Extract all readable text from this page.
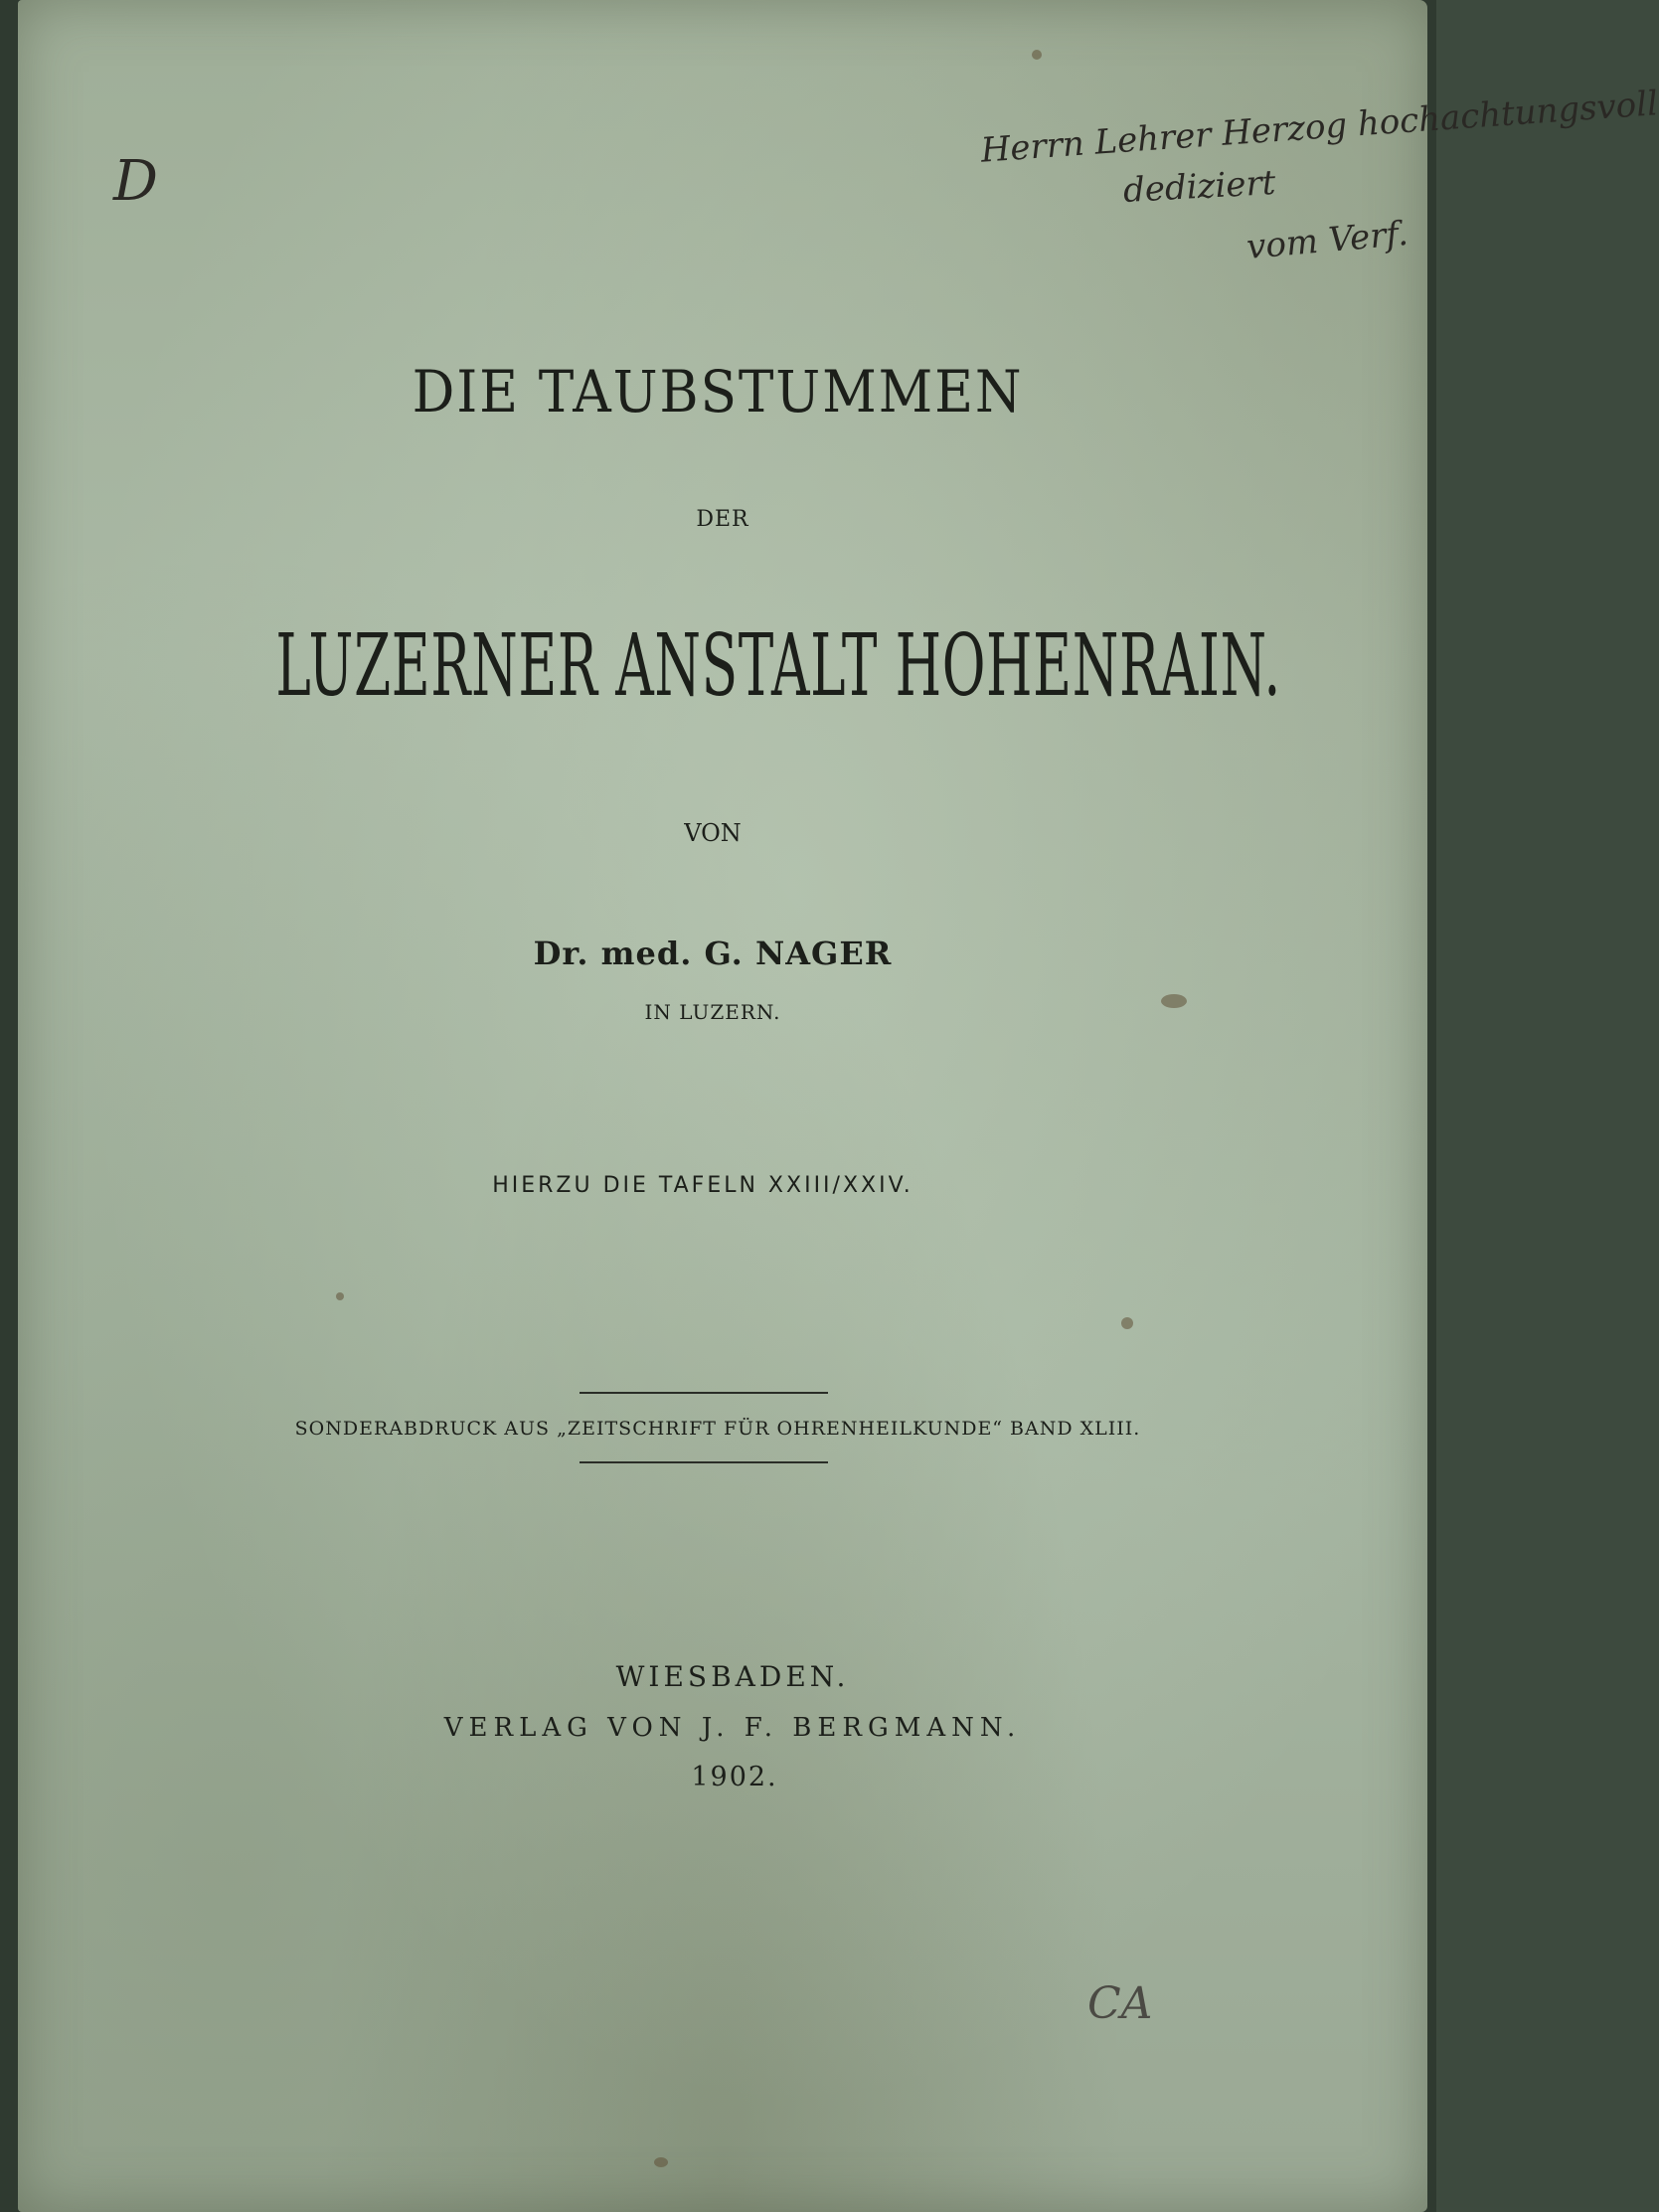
D
Herrn Lehrer Herzog hochachtungsvoll
dediziert
vom Verf.
DIE TAUBSTUMMEN
DER
LUZERNER ANSTALT HOHENRAIN.
VON
Dr. med. G. NAGER
IN LUZERN.
HIERZU DIE TAFELN XXIII/XXIV.
SONDERABDRUCK AUS „ZEITSCHRIFT FÜR OHRENHEILKUNDE“ BAND XLIII.
WIESBADEN.
VERLAG VON J. F. BERGMANN.
1902.
CA
